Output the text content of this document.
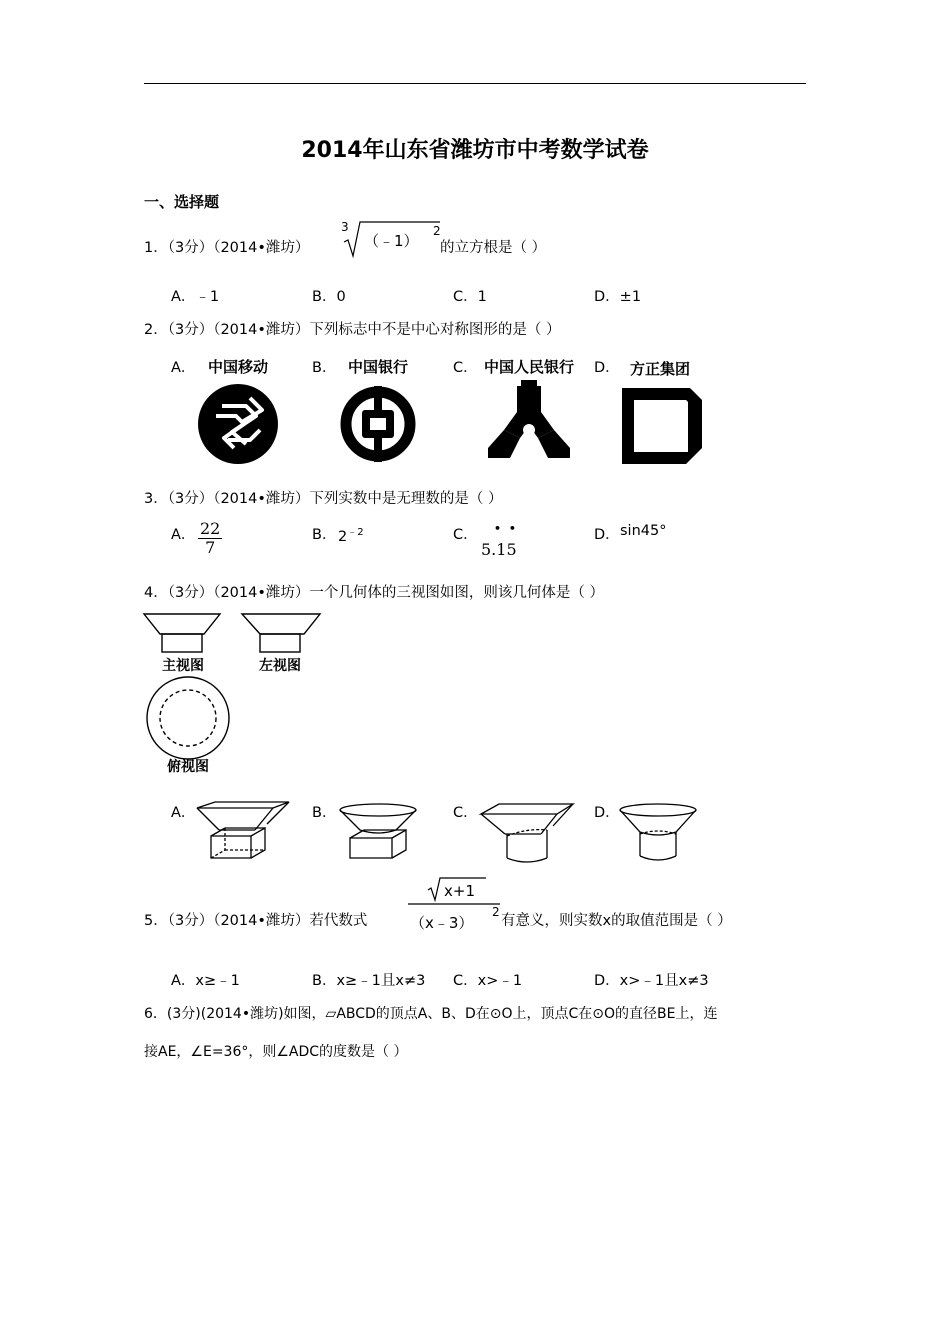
2014年山东省潍坊市中考数学试卷
一、选择题
1．（3分）（2014•潍坊）
3
（﹣1）
2
的立方根是（ ）
A．﹣1	B．0	C．1	D．±1
2．（3分）（2014•潍坊）下列标志中不是中心对称图形的是（ ）
A．	B．	C．	D．
中国移动	中国银行	中国人民银行	方正集团
3．（3分）（2014•潍坊）下列实数中是无理数的是（ ）
A． $\frac{22}{7}$	B． $2^{﹣2}$	C． • •
5.15
D． sin45°
4．（3分）（2014•潍坊）一个几何体的三视图如图，则该几何体是（ ）
主视图	左视图
俯视图
A．	B．	C．	D．
5．（3分）（2014•潍坊）若代数式
x+1
（x﹣3）
2
有意义，则实数x的取值范围是（ ）
A．x≥﹣1	B．x≥﹣1且x≠3 C．x>﹣1	D．x>﹣1且x≠3
6．(3分)(2014•潍坊)如图，▱ABCD的顶点A、B、D在⊙O上，顶点C在⊙O的直径BE上，连
接AE，∠E=36°，则∠ADC的度数是（ ）
